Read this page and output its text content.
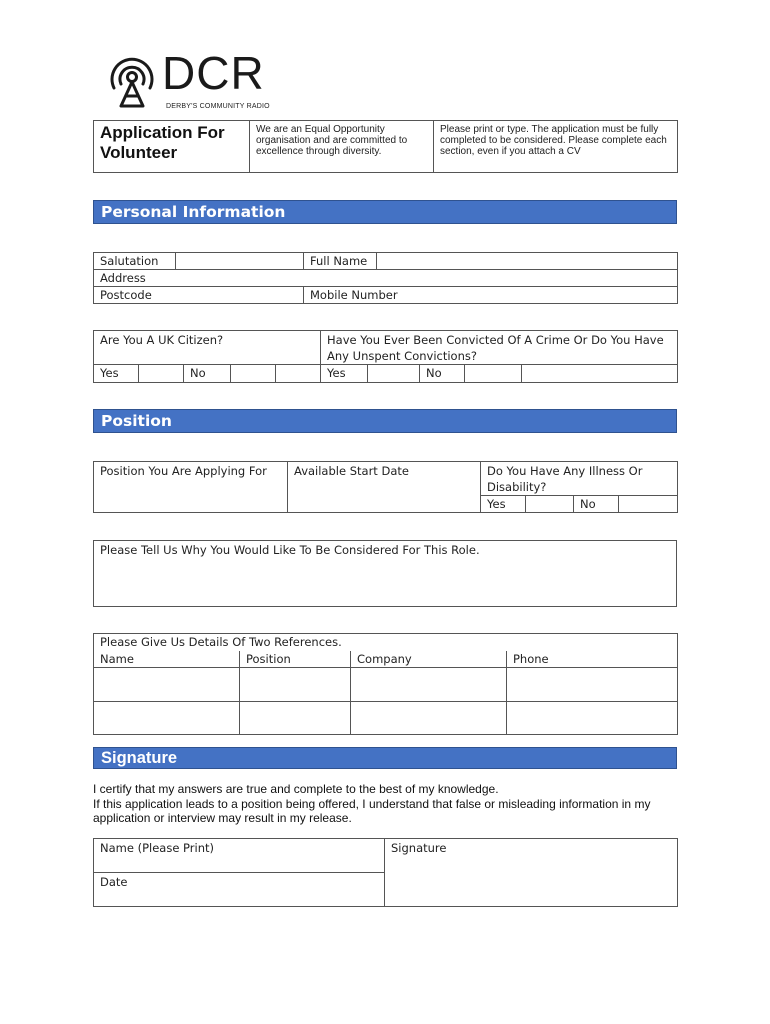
DCR
DERBY'S COMMUNITY RADIO
Application For Volunteer	We are an Equal Opportunity organisation and are committed to excellence through diversity.	Please print or type. The application must be fully completed to be considered. Please complete each section, even if you attach a CV
Personal Information
Salutation		Full Name	
Address			
Postcode		Mobile Number	
Are You A UK Citizen?					Have You Ever Been Convicted Of A Crime Or Do You Have Any Unspent Convictions?				
Yes		No			Yes		No		
Position
Position You Are Applying For	Available Start Date	Do You Have Any Illness Or Disability?			
		Yes		No	
Please Tell Us Why You Would Like To Be Considered For This Role.
Please Give Us Details Of Two References.			
Name	Position	Company	Phone

Signature
I certify that my answers are true and complete to the best of my knowledge.
If this application leads to a position being offered, I understand that false or misleading information in my application or interview may result in my release.
Name (Please Print)	Signature
Date
